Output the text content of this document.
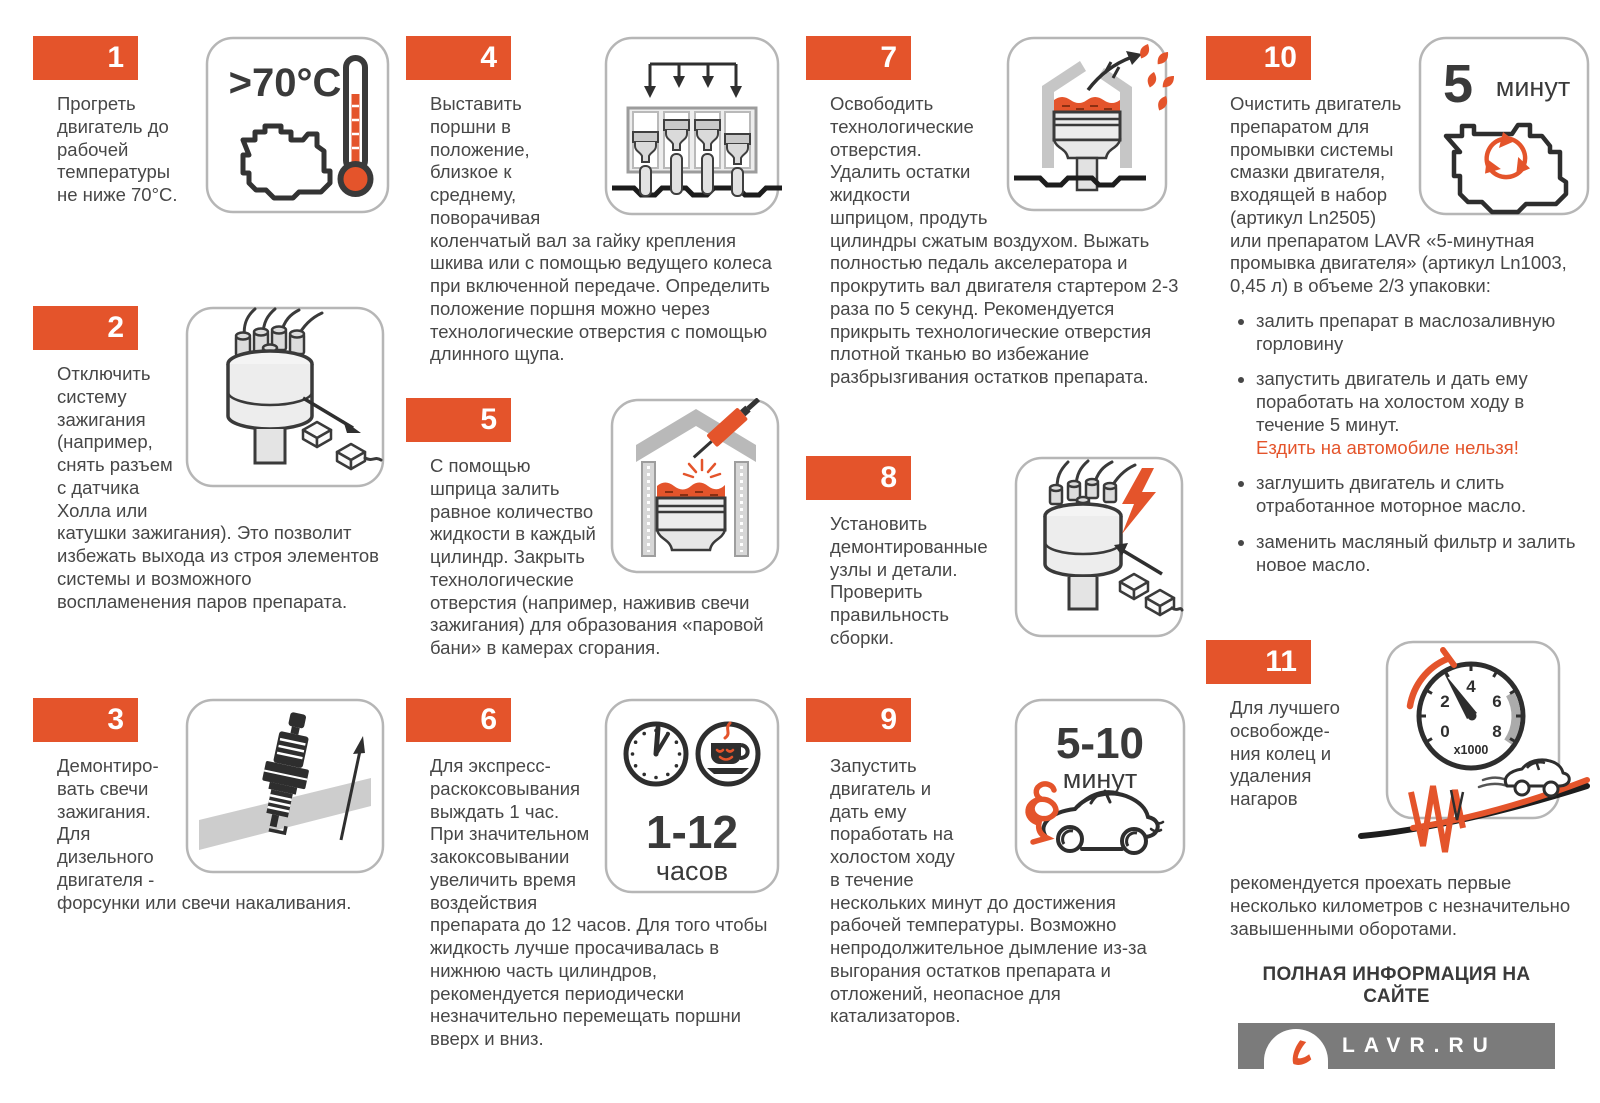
>70°C
1

Прогреть двигатель до рабочей температуры не ниже 70°С.

2

Отключить систему зажигания (например, снять разъем с датчика Холла или катушки зажигания). Это позволит избежать выхода из строя элементов системы и возможного воспламенения паров препарата.

3

Демонтировать свечи зажигания. Для дизельного двигателя - форсунки или свечи накаливания.

4

Выставить поршни в положение, близкое к среднему, поворачивая коленчатый вал за гайку крепления шкива или с помощью ведущего колеса при включенной передаче. Определить положение поршня можно через технологические отверстия с помощью длинного щупа.

5

С помощью шприца залить равное количество жидкости в каждый цилиндр. Закрыть технологические отверстия (например, наживив свечи зажигания) для образования «паровой бани» в камерах сгорания.

1-12
часов
6

Для экспресс-раскоксовывания выждать 1 час. При значительном закоксовывании увеличить время воздействия препарата до 12 часов. Для того чтобы жидкость лучше просачивалась в нижнюю часть цилиндров, рекомендуется периодически незначительно перемещать поршни вверх и вниз.

7

Освободить технологические отверстия. Удалить остатки жидкости шприцом, продуть цилиндры сжатым воздухом. Выжать полностью педаль акселератора и прокрутить вал двигателя стартером 2-3 раза по 5 секунд. Рекомендуется прикрыть технологические отверстия плотной тканью во избежание разбрызгивания остатков препарата.

8

Установить демонтированные узлы и детали. Проверить правильность сборки.

5-10
минут
9

Запустить двигатель и дать ему поработать на холостом ходу в течение нескольких минут до достижения рабочей температуры. Возможно непродолжительное дымление из-за выгорания остатков препарата и отложений, неопасное для катализаторов.

5 минут
10

Очистить двигатель препаратом для промывки системы смазки двигателя, входящей в набор (артикул Ln2505) или препаратом LAVR «5-минутная промывка двигателя» (артикул Ln1003, 0,45 л) в объеме 2/3 упаковки:

• залить препарат в маслозаливную горловину
• запустить двигатель и дать ему поработать на холостом ходу в течение 5 минут.
Ездить на автомобиле нельзя!
• заглушить двигатель и слить отработанное моторное масло.
• заменить масляный фильтр и залить новое масло.
0
2
4
6
8
x1000
11

Для лучшего освобождения колец и удаления нагаров рекомендуется проехать первые несколько километров с незначительно завышенными оборотами.

ПОЛНАЯ ИНФОРМАЦИЯ НА САЙТЕ
LAVR.RU
